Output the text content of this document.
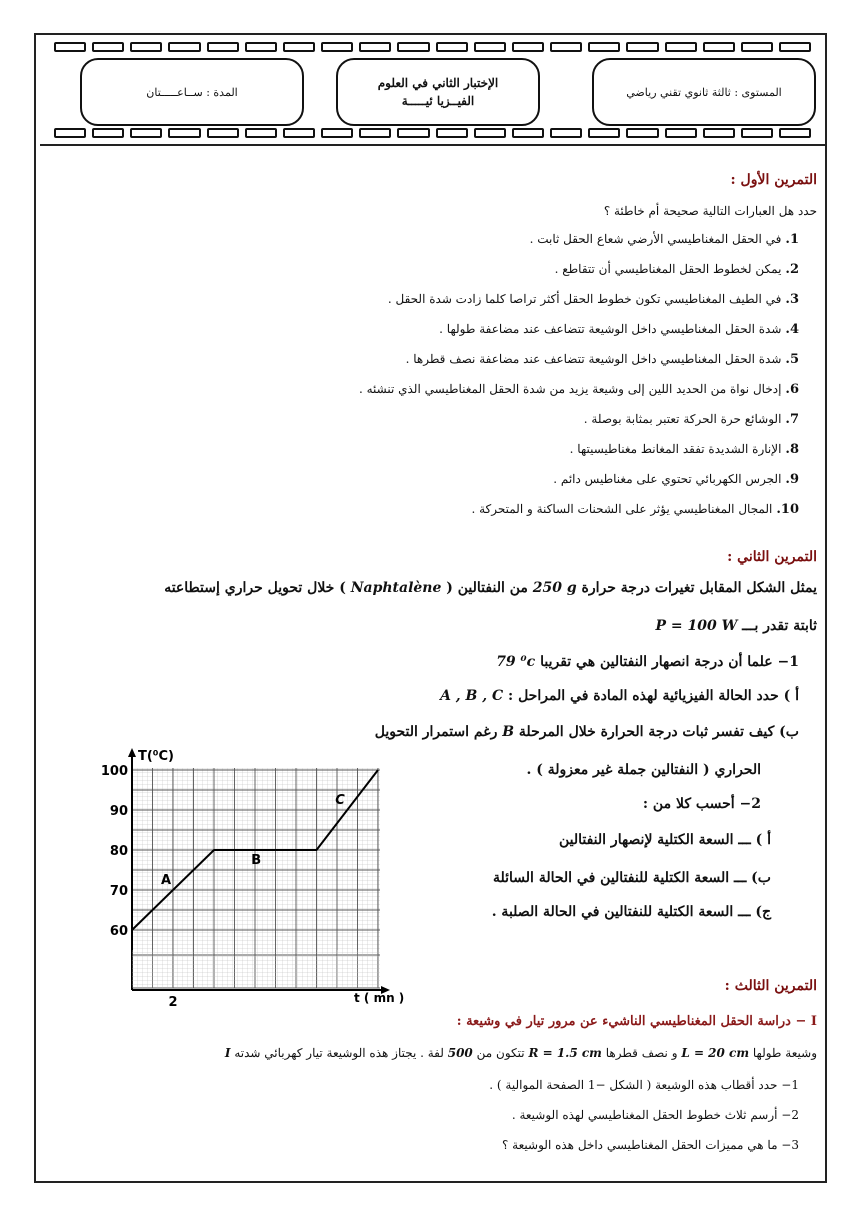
المدة : ســاعـــــتان
الإختبار الثاني في العلوم
الفيــزيا ئيـــــة
المستوى : ثالثة ثانوي تقني رياضي
التمرين الأول :
حدد هل العبارات التالية صحيحة أم خاطئة ؟
1.في الحقل المغناطيسي الأرضي شعاع الحقل ثابت .
2.يمكن لخطوط الحقل المغناطيسي أن تتقاطع .
3.في الطيف المغناطيسي تكون خطوط الحقل أكثر تراصا كلما زادت شدة الحقل .
4.شدة الحقل المغناطيسي داخل الوشيعة تتضاعف عند مضاعفة طولها .
5.شدة الحقل المغناطيسي داخل الوشيعة تتضاعف عند مضاعفة نصف قطرها .
6.إدخال نواة من الحديد اللين إلى وشيعة يزيد من شدة الحقل المغناطيسي الذي تنشئه .
7.الوشائع حرة الحركة تعتبر بمثابة بوصلة .
8.الإنارة الشديدة تفقد المغانط مغناطيسيتها .
9.الجرس الكهربائي تحتوي على مغناطيس دائم .
10.المجال المغناطيسي يؤثر على الشحنات الساكنة و المتحركة .
التمرين الثاني :
يمثل الشكل المقابل تغيرات درجة حرارة 250 g من النفتالين ( Naphtalène ) خلال تحويل حراري إستطاعته
ثابتة تقدر بـــ P = 100 W
1− علما أن درجة انصهار النفتالين هي تقريبا 79 ⁰c
أ ) حدد الحالة الفيزيائية لهذه المادة في المراحل : A , B , C
ب) كيف تفسر ثبات درجة الحرارة خلال المرحلة B رغم استمرار التحويل
الحراري ( النفتالين جملة غير معزولة ) .
2− أحسب كلا من :
أ ) ـــ السعة الكتلية لإنصهار النفتالين
ب) ـــ السعة الكتلية للنفتالين في الحالة السائلة
ج) ـــ السعة الكتلية للنفتالين في الحالة الصلبة .
T(⁰C)
t ( mn )
60
70
80
90
100
2
A
B
C
التمرين الثالث :
I − دراسة الحقل المغناطيسي الناشيء عن مرور تيار في وشيعة :
وشيعة طولها L = 20 cm و نصف قطرها R = 1.5 cm تتكون من 500 لفة . يجتاز هذه الوشيعة تيار كهربائي شدته I
1− حدد أقطاب هذه الوشيعة ( الشكل −1 الصفحة الموالية ) .
2− أرسم ثلاث خطوط الحقل المغناطيسي لهذه الوشيعة .
3− ما هي مميزات الحقل المغناطيسي داخل هذه الوشيعة ؟
